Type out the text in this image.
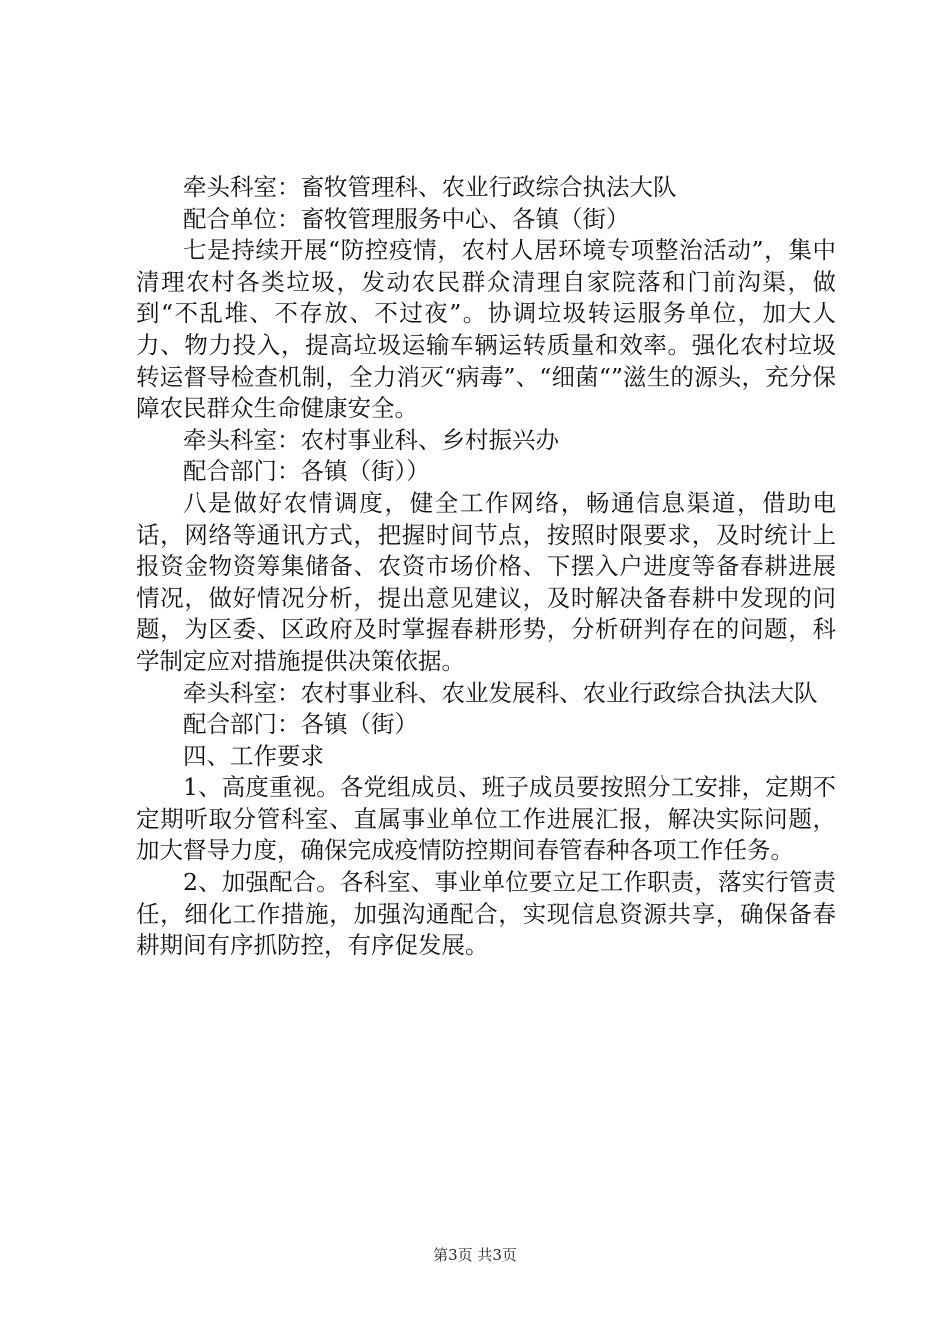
牵头科室：畜牧管理科、农业行政综合执法大队

配合单位：畜牧管理服务中心、各镇（街）

七是持续开展“防控疫情，农村人居环境专项整治活动”，集中清理农村各类垃圾，发动农民群众清理自家院落和门前沟渠，做到“不乱堆、不存放、不过夜”。协调垃圾转运服务单位，加大人力、物力投入，提高垃圾运输车辆运转质量和效率。强化农村垃圾转运督导检查机制，全力消灭“病毒”、“细菌“”滋生的源头，充分保障农民群众生命健康安全。

牵头科室：农村事业科、乡村振兴办

配合部门：各镇（街））

八是做好农情调度，健全工作网络，畅通信息渠道，借助电话，网络等通讯方式，把握时间节点，按照时限要求，及时统计上报资金物资筹集储备、农资市场价格、下摆入户进度等备春耕进展情况，做好情况分析，提出意见建议，及时解决备春耕中发现的问题，为区委、区政府及时掌握春耕形势，分析研判存在的问题，科学制定应对措施提供决策依据。

牵头科室：农村事业科、农业发展科、农业行政综合执法大队

配合部门：各镇（街）

四、工作要求

1、高度重视。各党组成员、班子成员要按照分工安排，定期不定期听取分管科室、直属事业单位工作进展汇报，解决实际问题，加大督导力度，确保完成疫情防控期间春管春种各项工作任务。

2、加强配合。各科室、事业单位要立足工作职责，落实行管责任，细化工作措施，加强沟通配合，实现信息资源共享，确保备春耕期间有序抓防控，有序促发展。

第3页 共3页
